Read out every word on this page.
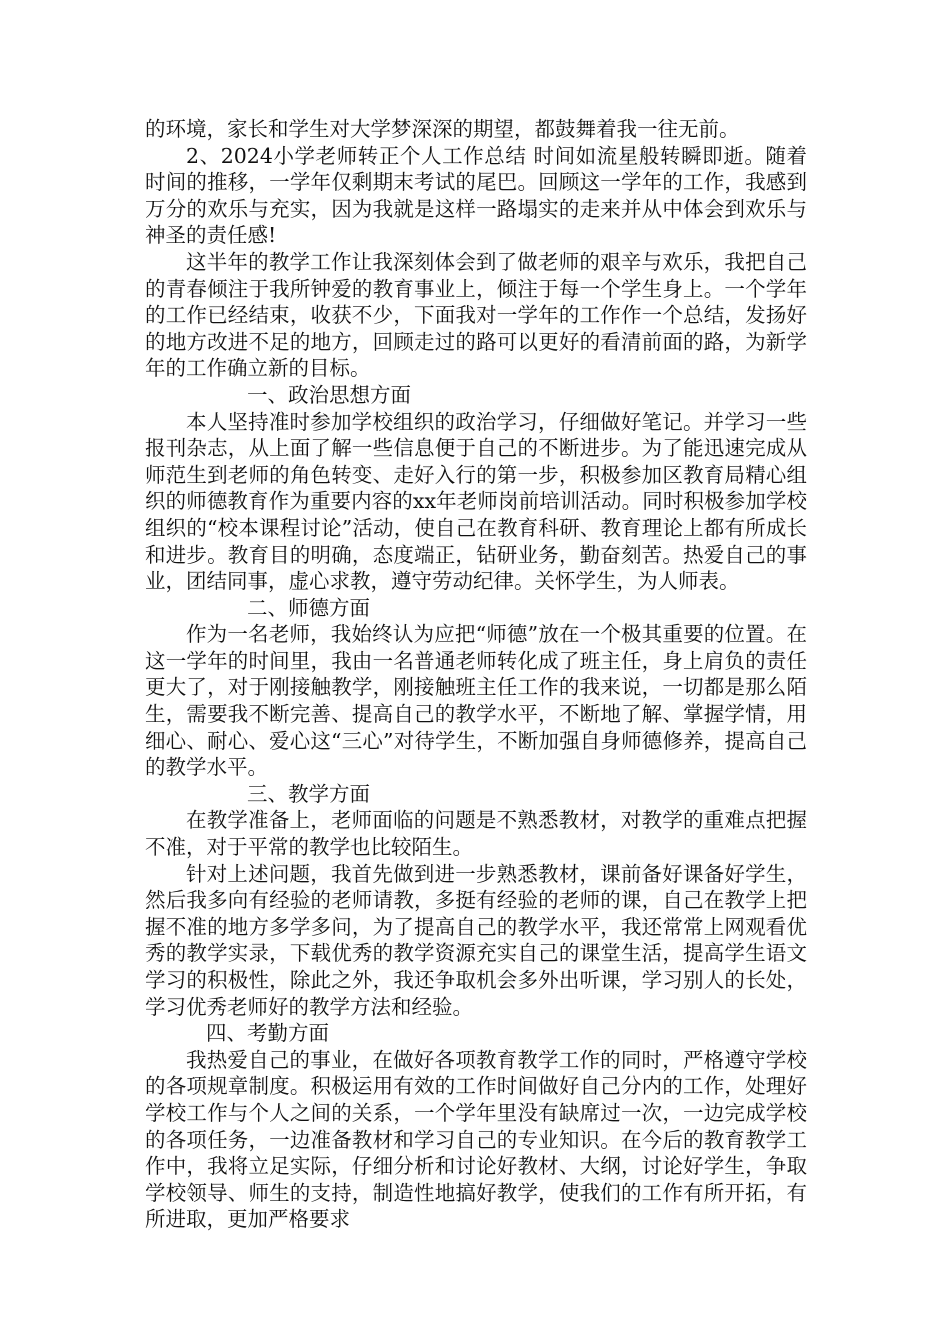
的环境，家长和学生对大学梦深深的期望，都鼓舞着我一往无前。

2、2024小学老师转正个人工作总结 时间如流星般转瞬即逝。随着时间的推移，一学年仅剩期末考试的尾巴。回顾这一学年的工作，我感到万分的欢乐与充实，因为我就是这样一路塌实的走来并从中体会到欢乐与神圣的责任感!

这半年的教学工作让我深刻体会到了做老师的艰辛与欢乐，我把自己的青春倾注于我所钟爱的教育事业上，倾注于每一个学生身上。一个学年的工作已经结束，收获不少，下面我对一学年的工作作一个总结，发扬好的地方改进不足的地方，回顾走过的路可以更好的看清前面的路，为新学年的工作确立新的目标。

一、政治思想方面

本人坚持准时参加学校组织的政治学习，仔细做好笔记。并学习一些报刊杂志，从上面了解一些信息便于自己的不断进步。为了能迅速完成从师范生到老师的角色转变、走好入行的第一步，积极参加区教育局精心组织的师德教育作为重要内容的xx年老师岗前培训活动。同时积极参加学校组织的“校本课程讨论”活动，使自己在教育科研、教育理论上都有所成长和进步。教育目的明确，态度端正，钻研业务，勤奋刻苦。热爱自己的事业，团结同事，虚心求教，遵守劳动纪律。关怀学生，为人师表。

二、师德方面

作为一名老师，我始终认为应把“师德”放在一个极其重要的位置。在这一学年的时间里，我由一名普通老师转化成了班主任，身上肩负的责任更大了，对于刚接触教学，刚接触班主任工作的我来说，一切都是那么陌生，需要我不断完善、提高自己的教学水平，不断地了解、掌握学情，用细心、耐心、爱心这“三心”对待学生，不断加强自身师德修养，提高自己的教学水平。

三、教学方面

在教学准备上，老师面临的问题是不熟悉教材，对教学的重难点把握不准，对于平常的教学也比较陌生。

针对上述问题，我首先做到进一步熟悉教材，课前备好课备好学生，然后我多向有经验的老师请教，多挺有经验的老师的课，自己在教学上把握不准的地方多学多问，为了提高自己的教学水平，我还常常上网观看优秀的教学实录，下载优秀的教学资源充实自己的课堂生活，提高学生语文学习的积极性，除此之外，我还争取机会多外出听课，学习别人的长处，学习优秀老师好的教学方法和经验。

四、考勤方面

我热爱自己的事业，在做好各项教育教学工作的同时，严格遵守学校的各项规章制度。积极运用有效的工作时间做好自己分内的工作，处理好学校工作与个人之间的关系，一个学年里没有缺席过一次，一边完成学校的各项任务，一边准备教材和学习自己的专业知识。在今后的教育教学工作中，我将立足实际，仔细分析和讨论好教材、大纲，讨论好学生，争取学校领导、师生的支持，制造性地搞好教学，使我们的工作有所开拓，有所进取，更加严格要求
